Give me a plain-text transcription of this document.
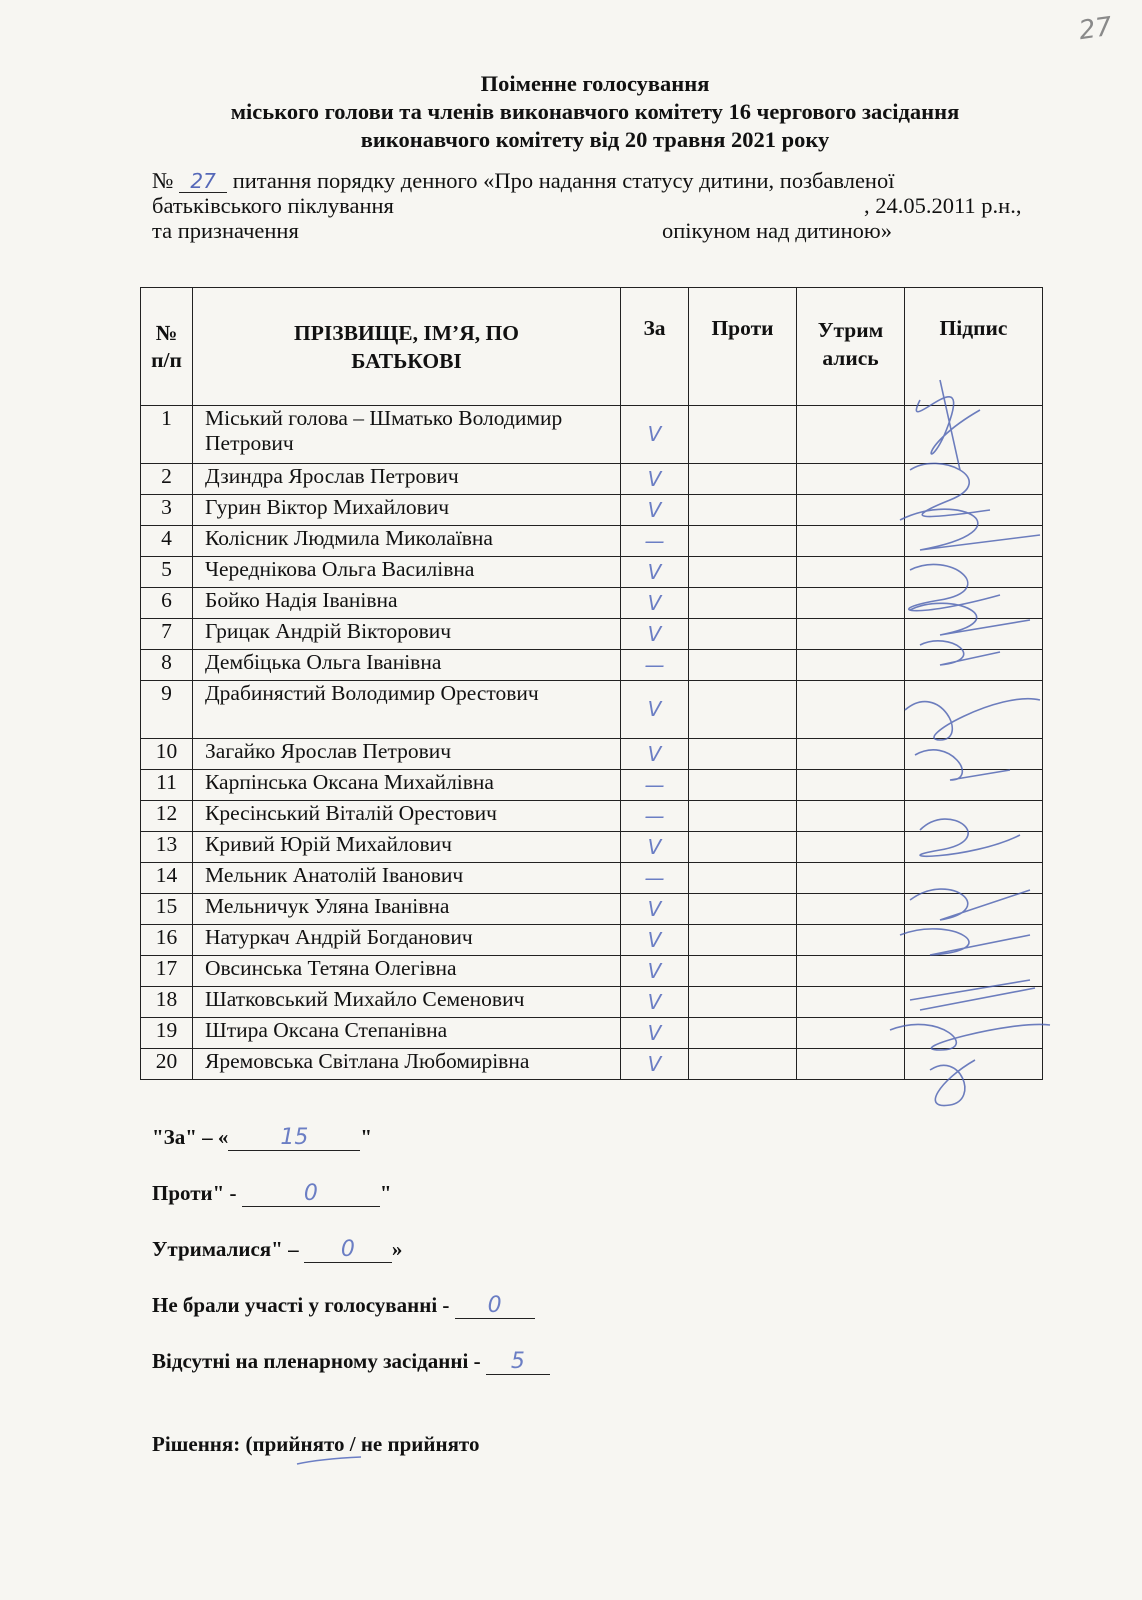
27
Поіменне голосування
міського голови та членів виконавчого комітету 16 чергового засідання
виконавчого комітету від 20 травня 2021 року
№ 27 питання порядку денного «Про надання статусу дитини, позбавленої
батьківського піклування	, 24.05.2011 р.н.,
та призначення	опікуном над дитиною»
№ п/п	ПРІЗВИЩЕ, ІМ’Я, ПО БАТЬКОВІ	За	Проти	Утрим ались	Підпис
1	Міський голова – Шматько Володимир Петрович	V			
2	Дзиндра Ярослав Петрович	V			
3	Гурин Віктор Михайлович	V			
4	Колісник Людмила Миколаївна	—			
5	Череднікова Ольга Василівна	V			
6	Бойко Надія Іванівна	V			
7	Грицак Андрій Вікторович	V			
8	Дембіцька Ольга Іванівна	—			
9	Драбинястий Володимир Орестович	V			
10	Загайко Ярослав Петрович	V			
11	Карпінська Оксана Михайлівна	—			
12	Кресінський Віталій Орестович	—			
13	Кривий Юрій Михайлович	V			
14	Мельник Анатолій Іванович	—			
15	Мельничук Уляна Іванівна	V			
16	Натуркач Андрій Богданович	V			
17	Овсинська Тетяна Олегівна	V			
18	Шатковський Михайло Семенович	V			
19	Штира Оксана Степанівна	V			
20	Яремовська Світлана Любомирівна	V			
"За" – « 15 "
Проти" -	0	"
Утрималися" – 0 »
Не брали участі у голосуванні - 0
Відсутні на пленарному засіданні - 5
Рішення: (прийнято / не прийнято
